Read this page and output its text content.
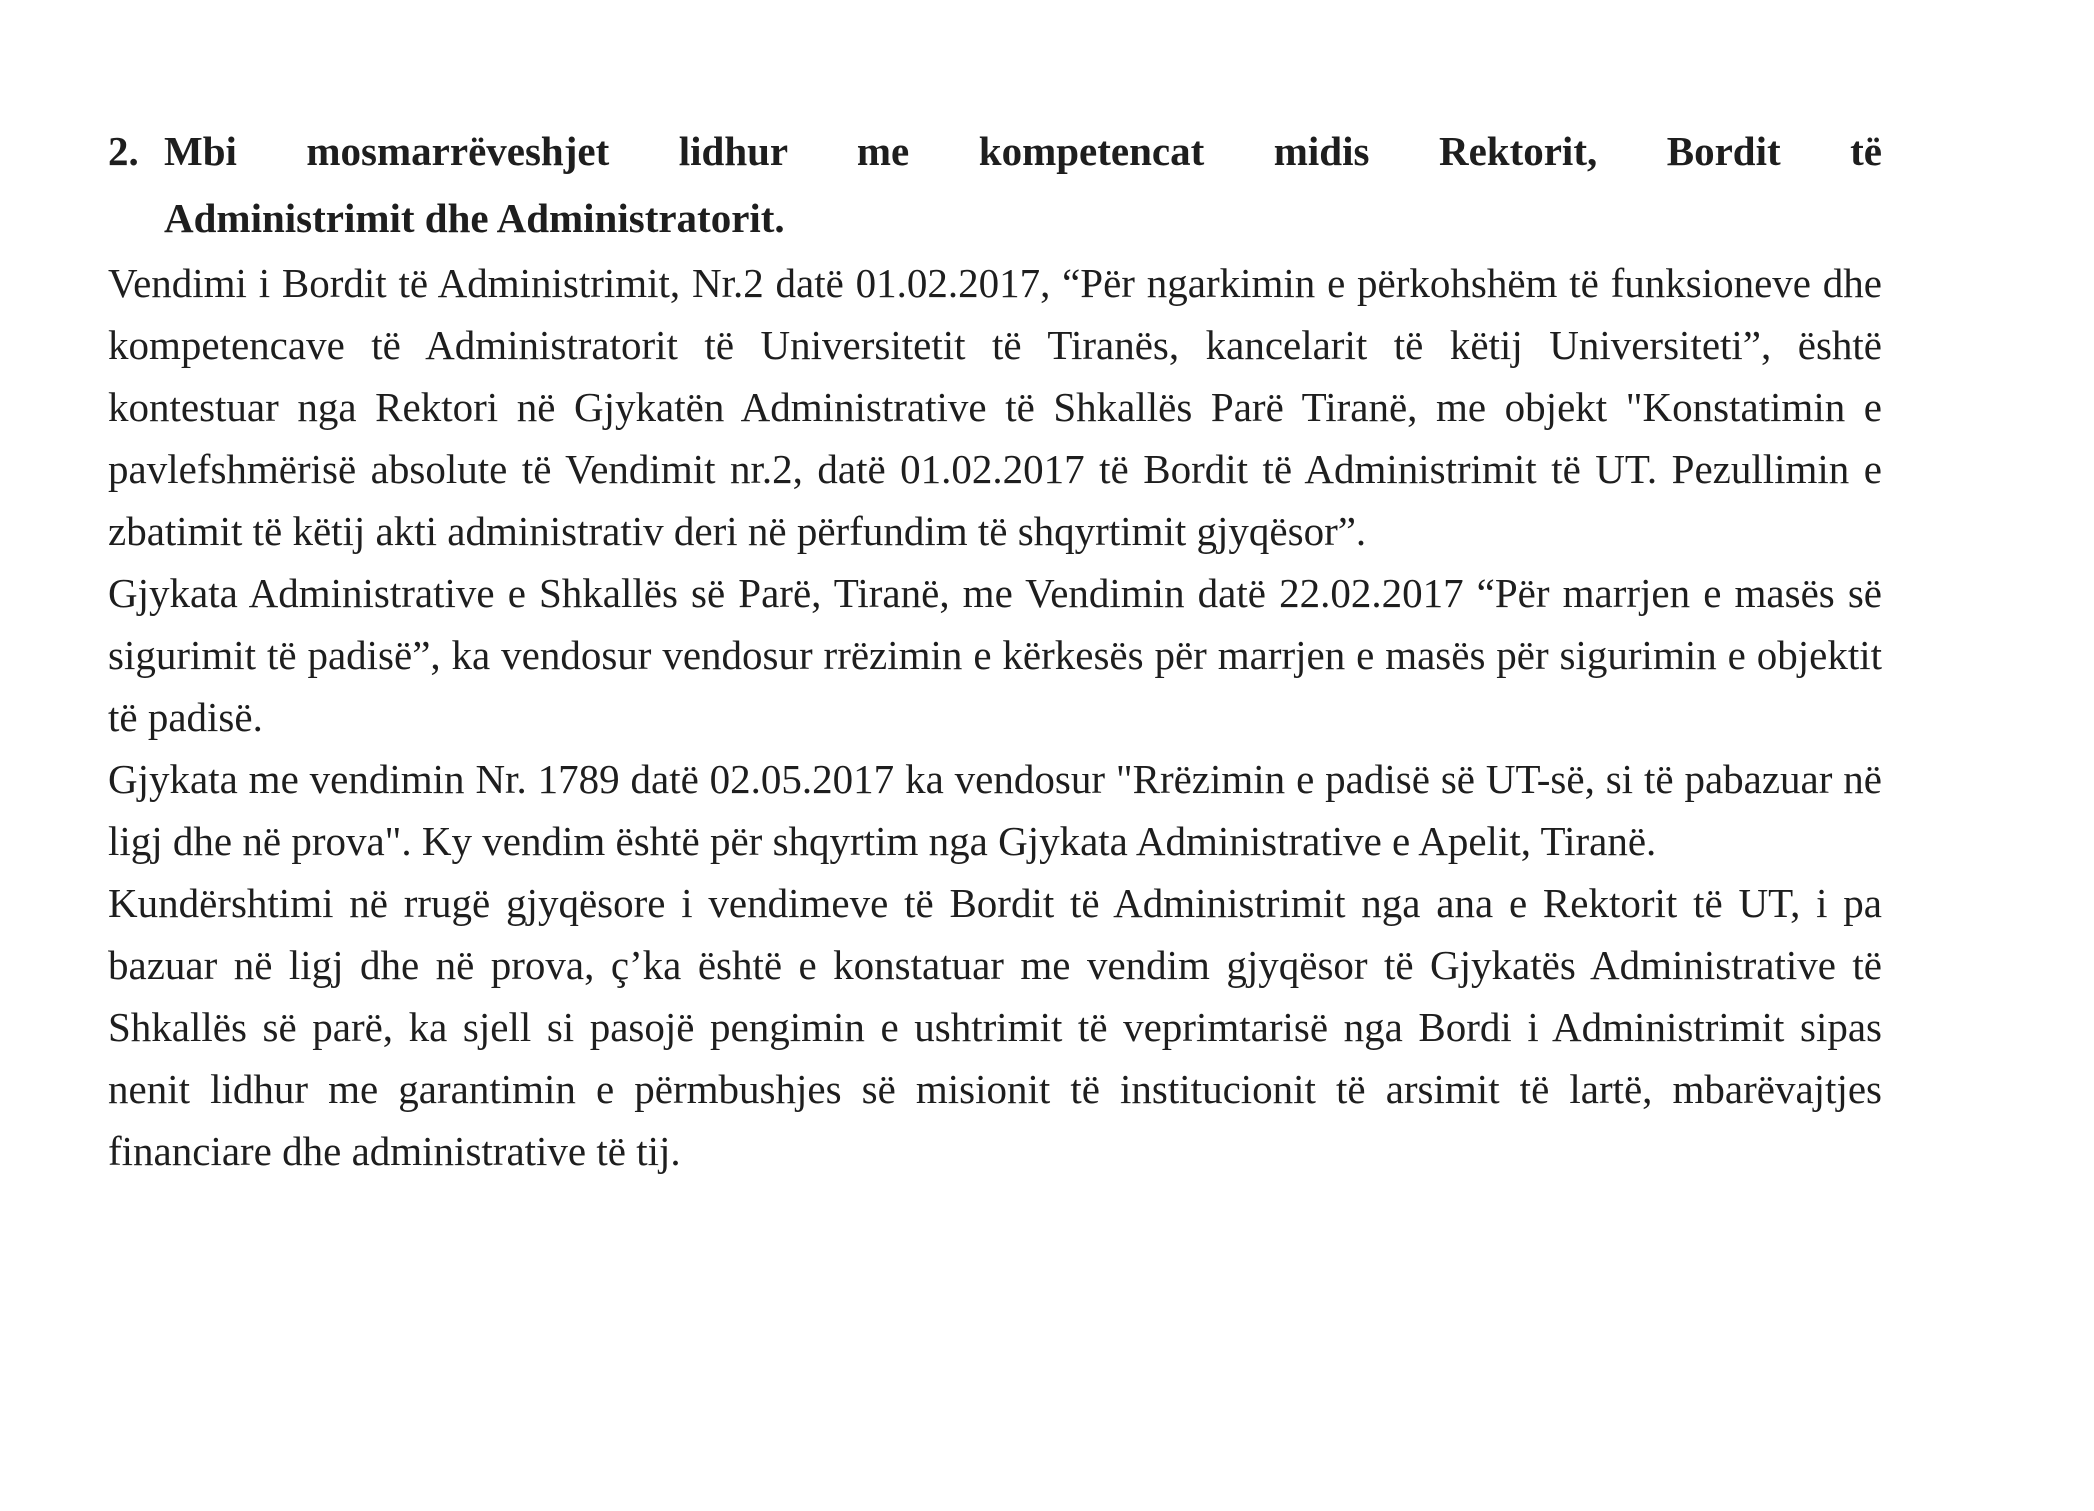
2. Mbi mosmarrëveshjet lidhur me kompetencat midis Rektorit, Bordit të
Administrimit dhe Administratorit.

Vendimi i Bordit të Administrimit, Nr.2 datë 01.02.2017, “Për ngarkimin e përkohshëm të funksioneve dhe kompetencave të Administratorit të Universitetit të Tiranës, kancelarit të këtij Universiteti”, është kontestuar nga Rektori në Gjykatën Administrative të Shkallës Parë Tiranë, me objekt "Konstatimin e pavlefshmërisë absolute të Vendimit nr.2, datë 01.02.2017 të Bordit të Administrimit të UT. Pezullimin e zbatimit të këtij akti administrativ deri në përfundim të shqyrtimit gjyqësor”.

Gjykata Administrative e Shkallës së Parë, Tiranë, me Vendimin datë 22.02.2017 “Për marrjen e masës së sigurimit të padisë”, ka vendosur vendosur rrëzimin e kërkesës për marrjen e masës për sigurimin e objektit të padisë.

Gjykata me vendimin Nr. 1789 datë 02.05.2017 ka vendosur "Rrëzimin e padisë së UT-së, si të pabazuar në ligj dhe në prova". Ky vendim është për shqyrtim nga Gjykata Administrative e Apelit, Tiranë.

Kundërshtimi në rrugë gjyqësore i vendimeve të Bordit të Administrimit nga ana e Rektorit të UT, i pa bazuar në ligj dhe në prova, ç’ka është e konstatuar me vendim gjyqësor të Gjykatës Administrative të Shkallës së parë, ka sjell si pasojë pengimin e ushtrimit të veprimtarisë nga Bordi i Administrimit sipas nenit lidhur me garantimin e përmbushjes së misionit të institucionit të arsimit të lartë, mbarëvajtjes financiare dhe administrative të tij.
